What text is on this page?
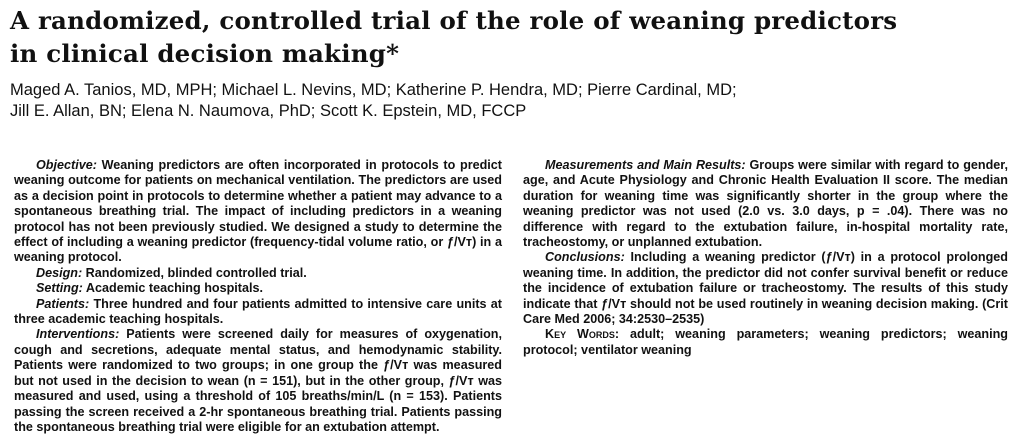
A randomized, controlled trial of the role of weaning predictors
in clinical decision making*
Maged A. Tanios, MD, MPH; Michael L. Nevins, MD; Katherine P. Hendra, MD; Pierre Cardinal, MD;
Jill E. Allan, BN; Elena N. Naumova, PhD; Scott K. Epstein, MD, FCCP

Objective: Weaning predictors are often incorporated in protocols to predict weaning outcome for patients on mechanical ventilation. The predictors are used as a decision point in protocols to determine whether a patient may advance to a spontaneous breathing trial. The impact of including predictors in a weaning protocol has not been previously studied. We designed a study to determine the effect of including a weaning predictor (frequency-tidal volume ratio, or ƒ/Vт) in a weaning protocol.

Design: Randomized, blinded controlled trial.

Setting: Academic teaching hospitals.

Patients: Three hundred and four patients admitted to intensive care units at three academic teaching hospitals.

Interventions: Patients were screened daily for measures of oxygenation, cough and secretions, adequate mental status, and hemodynamic stability. Patients were randomized to two groups; in one group the ƒ/Vт was measured but not used in the decision to wean (n = 151), but in the other group, ƒ/Vт was measured and used, using a threshold of 105 breaths/min/L (n = 153). Patients passing the screen received a 2-hr spontaneous breathing trial. Patients passing the spontaneous breathing trial were eligible for an extubation attempt.

Measurements and Main Results: Groups were similar with regard to gender, age, and Acute Physiology and Chronic Health Evaluation II score. The median duration for weaning time was significantly shorter in the group where the weaning predictor was not used (2.0 vs. 3.0 days, p = .04). There was no difference with regard to the extubation failure, in-hospital mortality rate, tracheostomy, or unplanned extubation.

Conclusions: Including a weaning predictor (ƒ/Vт) in a protocol prolonged weaning time. In addition, the predictor did not confer survival benefit or reduce the incidence of extubation failure or tracheostomy. The results of this study indicate that ƒ/Vт should not be used routinely in weaning decision making. (Crit Care Med 2006; 34:2530–2535)

Key Words: adult; weaning parameters; weaning predictors; weaning protocol; ventilator weaning
